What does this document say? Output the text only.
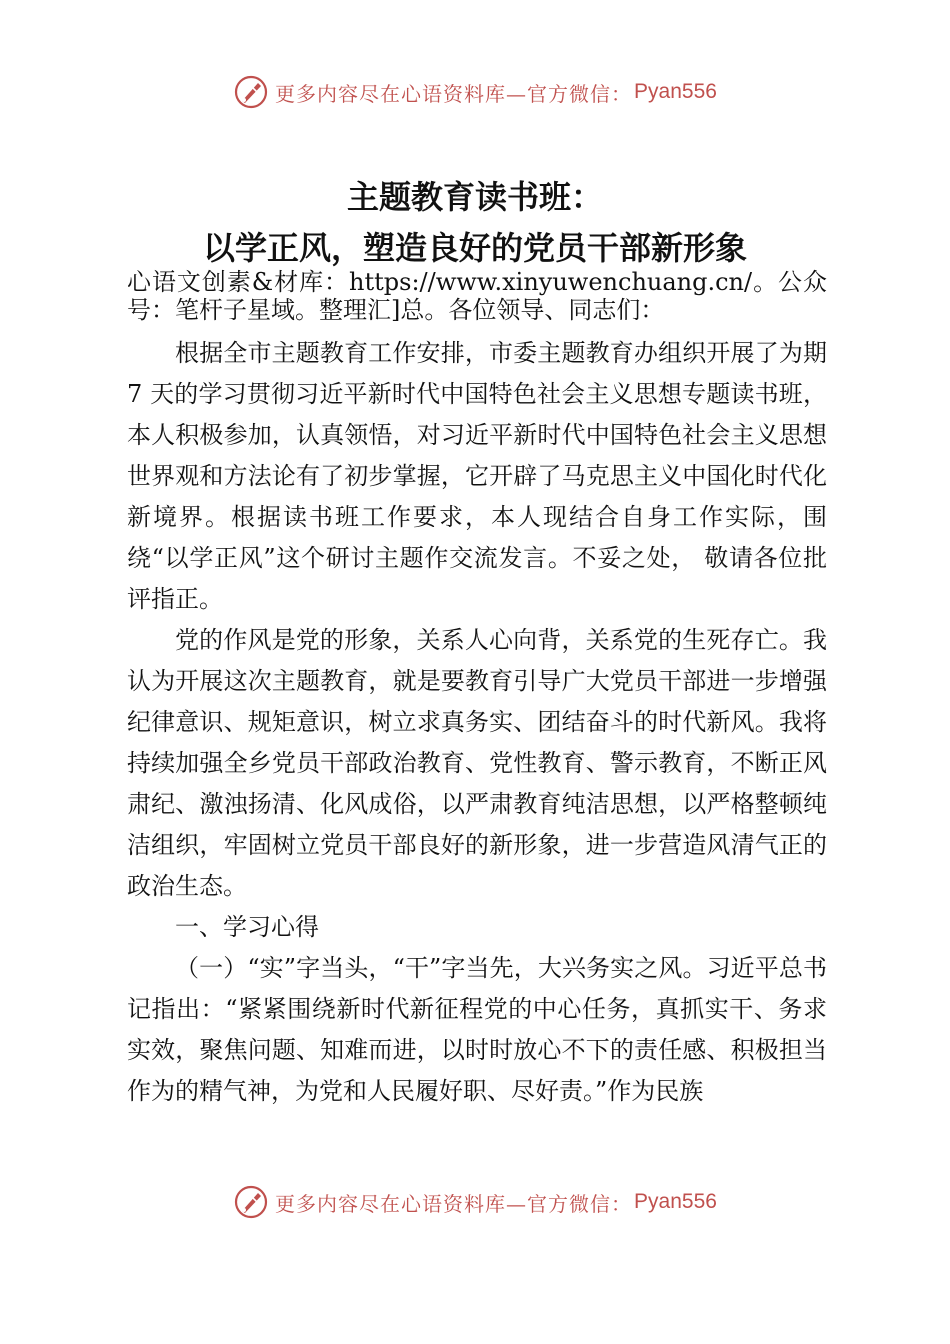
更多内容尽在心语资料库—官方微信： Pyan556
主题教育读书班：
以学正风，塑造良好的党员干部新形象

心语文创素&材库：https://www.xinyuwenchuang.cn/。公众号：笔杆子星域。整理汇]总。各位领导、同志们：

根据全市主题教育工作安排，市委主题教育办组织开展了为期 7 天的学习贯彻习近平新时代中国特色社会主义思想专题读书班，本人积极参加，认真领悟，对习近平新时代中国特色社会主义思想世界观和方法论有了初步掌握，它开辟了马克思主义中国化时代化新境界。根据读书班工作要求，本人现结合自身工作实际，围绕“以学正风”这个研讨主题作交流发言。不妥之处， 敬请各位批评指正。

党的作风是党的形象，关系人心向背，关系党的生死存亡。我认为开展这次主题教育，就是要教育引导广大党员干部进一步增强纪律意识、规矩意识，树立求真务实、团结奋斗的时代新风。我将持续加强全乡党员干部政治教育、党性教育、警示教育，不断正风肃纪、激浊扬清、化风成俗，以严肃教育纯洁思想，以严格整顿纯洁组织，牢固树立党员干部良好的新形象，进一步营造风清气正的政治生态。

一、学习心得

（一）“实”字当头，“干”字当先，大兴务实之风。习近平总书记指出：“紧紧围绕新时代新征程党的中心任务，真抓实干、务求实效，聚焦问题、知难而进，以时时放心不下的责任感、积极担当作为的精气神，为党和人民履好职、尽好责。”作为民族

更多内容尽在心语资料库—官方微信： Pyan556
